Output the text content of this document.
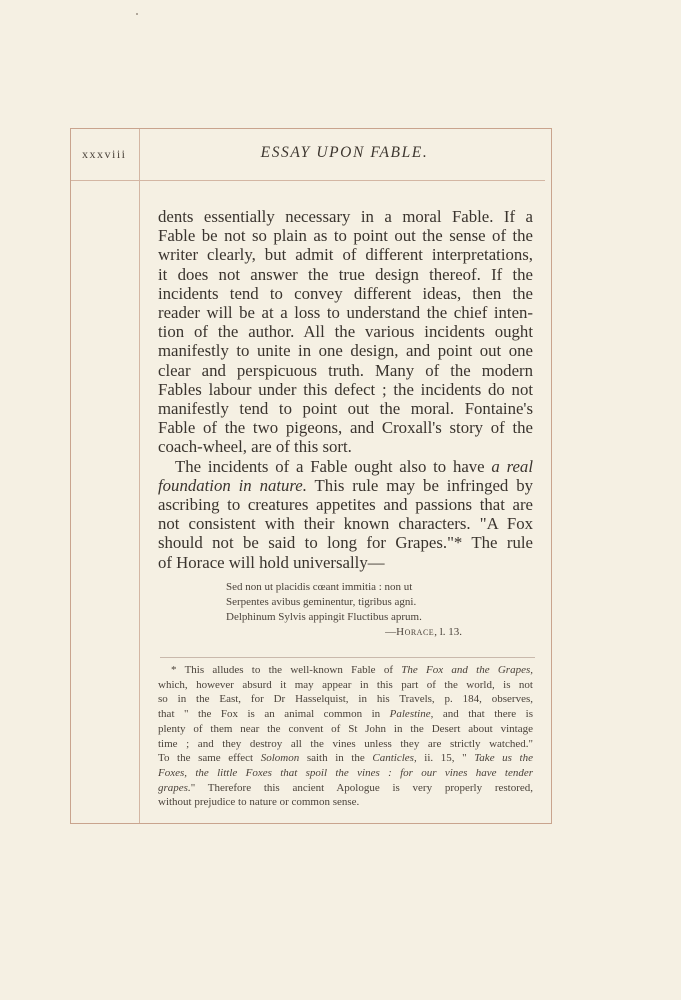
xxxviii	ESSAY UPON FABLE.
dents essentially necessary in a moral Fable. If a
Fable be not so plain as to point out the sense of the
writer clearly, but admit of different interpretations,
it does not answer the true design thereof. If the
incidents tend to convey different ideas, then the
reader will be at a loss to understand the chief inten-
tion of the author. All the various incidents ought
manifestly to unite in one design, and point out one
clear and perspicuous truth. Many of the modern
Fables labour under this defect ; the incidents do not
manifestly tend to point out the moral. Fontaine's
Fable of the two pigeons, and Croxall's story of the
coach-wheel, are of this sort.
The incidents of a Fable ought also to have a real
foundation in nature. This rule may be infringed by
ascribing to creatures appetites and passions that are
not consistent with their known characters. "A Fox
should not be said to long for Grapes."* The rule
of Horace will hold universally—
Sed non ut placidis cœant immitia : non ut
Serpentes avibus geminentur, tigribus agni.
Delphinum Sylvis appingit Fluctibus aprum.
—Horace, l. 13.
* This alludes to the well-known Fable of The Fox and the Grapes,
which, however absurd it may appear in this part of the world, is not
so in the East, for Dr Hasselquist, in his Travels, p. 184, observes,
that " the Fox is an animal common in Palestine, and that there is
plenty of them near the convent of St John in the Desert about vintage
time ; and they destroy all the vines unless they are strictly watched."
To the same effect Solomon saith in the Canticles, ii. 15, " Take us the
Foxes, the little Foxes that spoil the vines : for our vines have tender
grapes." Therefore this ancient Apologue is very properly restored,
without prejudice to nature or common sense.
